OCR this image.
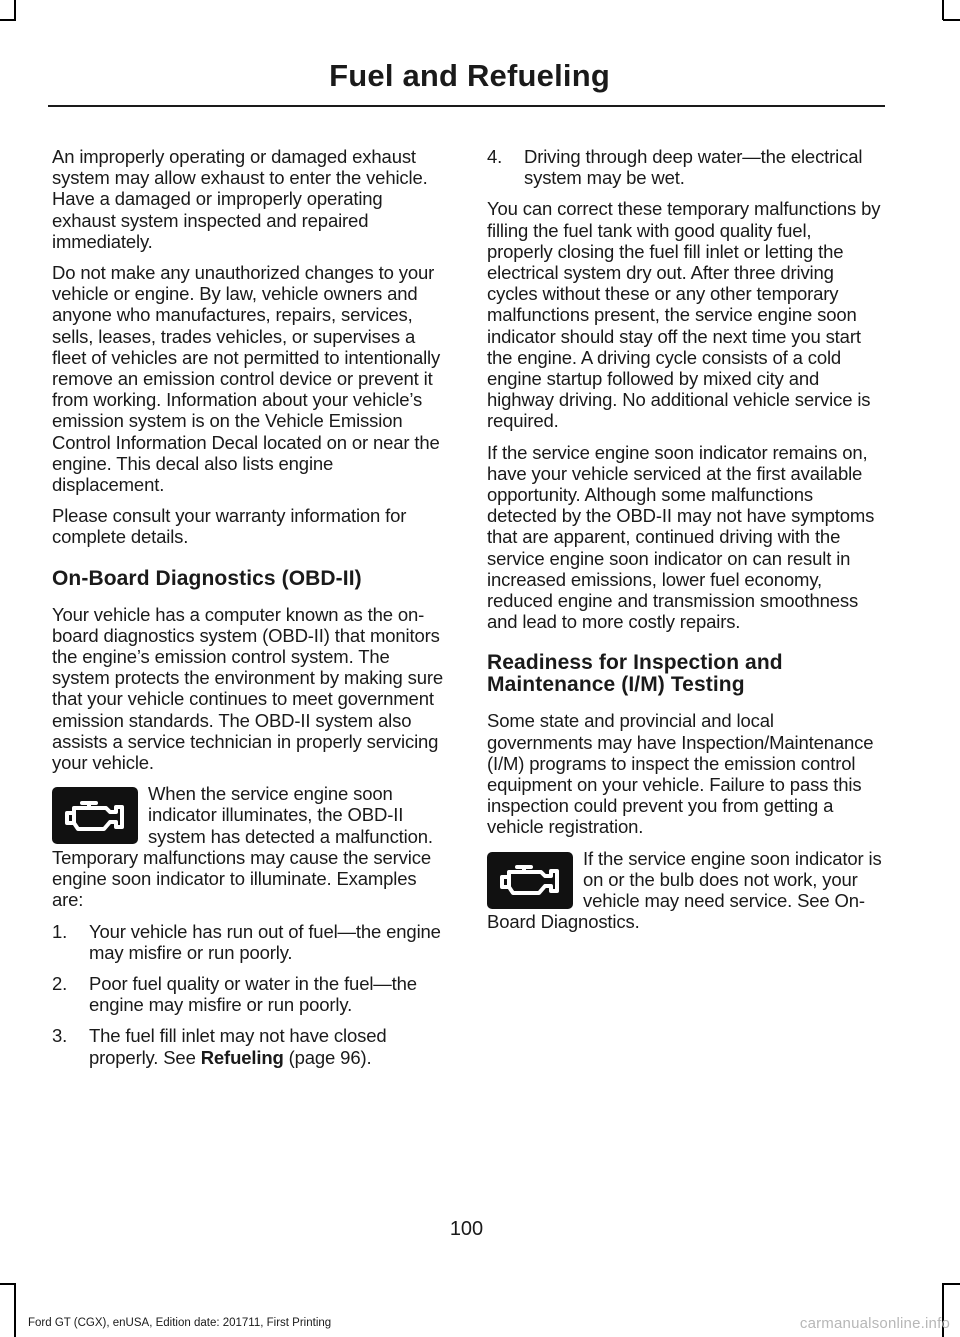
Fuel and Refueling

An improperly operating or damaged exhaust system may allow exhaust to enter the vehicle. Have a damaged or improperly operating exhaust system inspected and repaired immediately.

Do not make any unauthorized changes to your vehicle or engine. By law, vehicle owners and anyone who manufactures, repairs, services, sells, leases, trades vehicles, or supervises a fleet of vehicles are not permitted to intentionally remove an emission control device or prevent it from working. Information about your vehicle’s emission system is on the Vehicle Emission Control Information Decal located on or near the engine. This decal also lists engine displacement.

Please consult your warranty information for complete details.

On-Board Diagnostics (OBD-II)

Your vehicle has a computer known as the on-board diagnostics system (OBD-II) that monitors the engine’s emission control system. The system protects the environment by making sure that your vehicle continues to meet government emission standards. The OBD-II system also assists a service technician in properly servicing your vehicle.

When the service engine soon indicator illuminates, the OBD-II system has detected a malfunction. Temporary malfunctions may cause the service engine soon indicator to illuminate. Examples are:

1. Your vehicle has run out of fuel—the engine may misfire or run poorly.
2. Poor fuel quality or water in the fuel—the engine may misfire or run poorly.
3. The fuel fill inlet may not have closed properly. See Refueling (page 96).
4. Driving through deep water—the electrical system may be wet.

You can correct these temporary malfunctions by filling the fuel tank with good quality fuel, properly closing the fuel fill inlet or letting the electrical system dry out. After three driving cycles without these or any other temporary malfunctions present, the service engine soon indicator should stay off the next time you start the engine. A driving cycle consists of a cold engine startup followed by mixed city and highway driving. No additional vehicle service is required.

If the service engine soon indicator remains on, have your vehicle serviced at the first available opportunity. Although some malfunctions detected by the OBD-II may not have symptoms that are apparent, continued driving with the service engine soon indicator on can result in increased emissions, lower fuel economy, reduced engine and transmission smoothness and lead to more costly repairs.

Readiness for Inspection and Maintenance (I/M) Testing

Some state and provincial and local governments may have Inspection/Maintenance (I/M) programs to inspect the emission control equipment on your vehicle. Failure to pass this inspection could prevent you from getting a vehicle registration.

If the service engine soon indicator is on or the bulb does not work, your vehicle may need service. See On-Board Diagnostics.

100
Ford GT (CGX), enUSA, Edition date: 201711, First Printing	carmanualsonline.info
